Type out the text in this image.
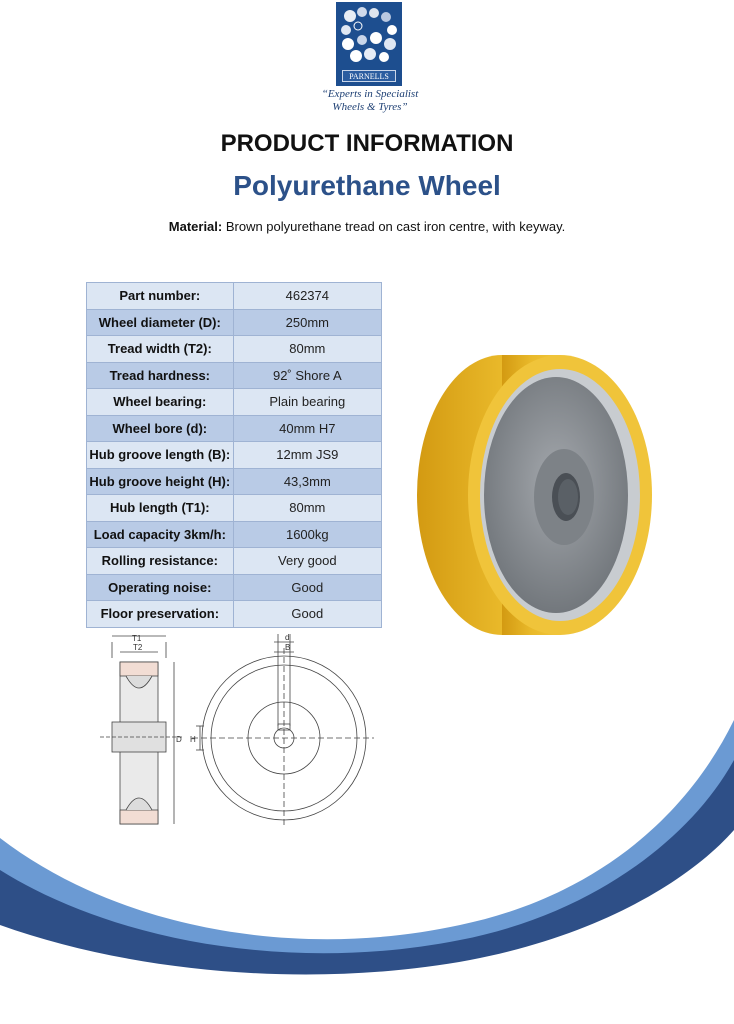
PARNELLS
“Experts in Specialist
Wheels & Tyres”
PRODUCT INFORMATION
Polyurethane Wheel
Material: Brown polyurethane tread on cast iron centre, with keyway.
Part number:	462374
Wheel diameter (D):	250mm
Tread width (T2):	80mm
Tread hardness:	92˚ Shore A
Wheel bearing:	Plain bearing
Wheel bore (d):	40mm H7
Hub groove length (B):	12mm JS9
Hub groove height (H):	43,3mm
Hub length (T1):	80mm
Load capacity 3km/h:	1600kg
Rolling resistance:	Very good
Operating noise:	Good
Floor preservation:	Good
T1
T2
d
B
H
D
